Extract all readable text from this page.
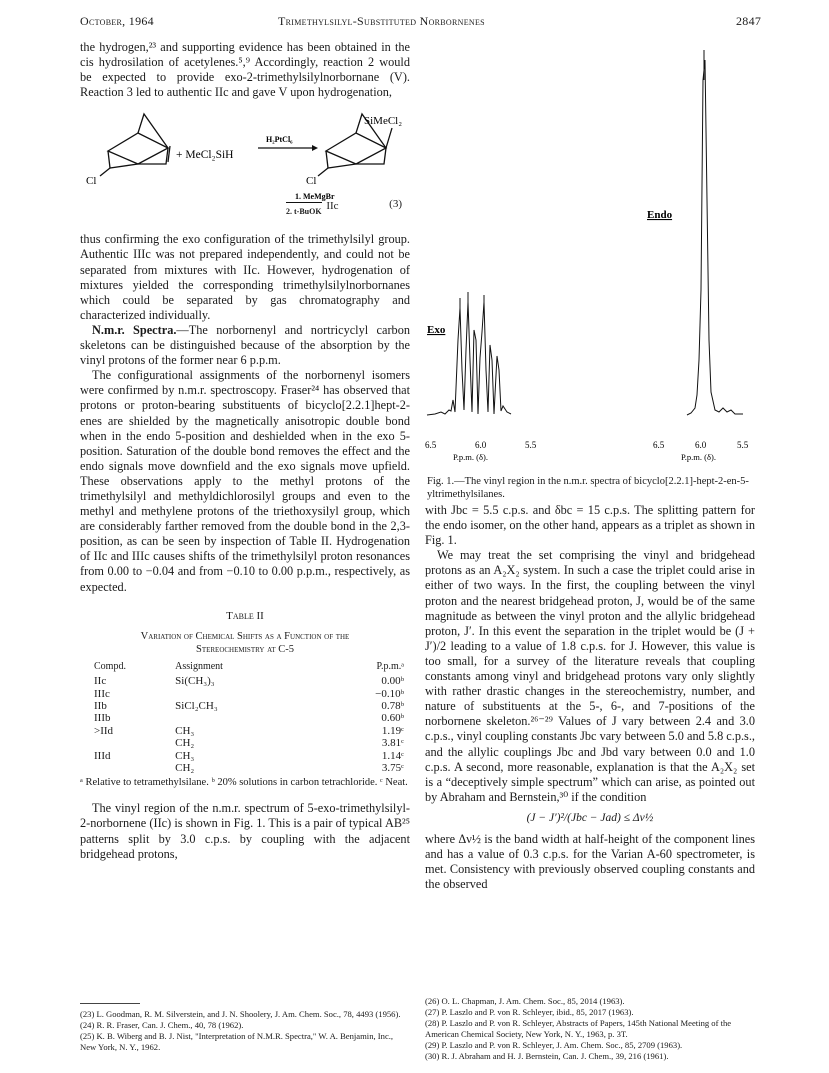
October, 1964	Trimethylsilyl-Substituted Norbornenes	2847

the hydrogen,²³ and supporting evidence has been obtained in the cis hydrosilation of acetylenes.⁵,⁹ Accordingly, reaction 2 would be expected to provide exo-2-trimethylsilylnorbornane (V). Reaction 3 led to authentic IIc and gave V upon hydrogenation,

Cl
+ MeCl₂SiH
H₂PtCl₆
SiMeCl₂
Cl
1. MeMgBr
2. t-BuOK IIc	(3)

thus confirming the exo configuration of the trimethylsilyl group. Authentic IIIc was not prepared independently, and could not be separated from mixtures with IIc. However, hydrogenation of mixtures yielded the corresponding trimethylsilylnorbornanes which could be separated by gas chromatography and characterized individually.

N.m.r. Spectra.—The norbornenyl and nortricyclyl carbon skeletons can be distinguished because of the absorption by the vinyl protons of the former near 6 p.p.m.

The configurational assignments of the norbornenyl isomers were confirmed by n.m.r. spectroscopy. Fraser²⁴ has observed that protons or proton-bearing substituents of bicyclo[2.2.1]hept-2-enes are shielded by the magnetically anisotropic double bond when in the endo 5-position and deshielded when in the exo 5-position. Saturation of the double bond removes the effect and the endo signals move downfield and the exo signals move upfield. These observations apply to the methyl protons of the trimethylsilyl and methyldichlorosilyl groups and even to the methyl and methylene protons of the triethoxysilyl group, which are considerably farther removed from the double bond in the 2,3-position, as can be seen by inspection of Table II. Hydrogenation of IIc and IIIc causes shifts of the trimethylsilyl proton resonances from 0.00 to −0.04 and from −0.10 to 0.00 p.p.m., respectively, as expected.

Table II
Variation of Chemical Shifts as a Function of the
Stereochemistry at C-5
Compd.	Assignment	P.p.m.ᵃ
IIc	Si(CH₃)₃	0.00ᵇ
IIIc		−0.10ᵇ
IIb	SiCl₂CH₃	0.78ᵇ
IIIb		0.60ᵇ
>IId	CH₃	1.19ᶜ
	CH₂	3.81ᶜ
IIId	CH₃	1.14ᶜ
	CH₂	3.75ᶜ
ᵃ Relative to tetramethylsilane. ᵇ 20% solutions in carbon tetrachloride. ᶜ Neat.

The vinyl region of the n.m.r. spectrum of 5-exo-trimethylsilyl-2-norbornene (IIc) is shown in Fig. 1. This is a pair of typical AB²⁵ patterns split by 3.0 c.p.s. by coupling with the adjacent bridgehead protons,

Exo
Endo
6.5	6.0	5.5
P.p.m. (δ).
6.5	6.0	5.5
P.p.m. (δ).
Fig. 1.—The vinyl region in the n.m.r. spectra of bicyclo[2.2.1]-hept-2-en-5-yltrimethylsilanes.

with Jbc = 5.5 c.p.s. and δbc = 15 c.p.s. The splitting pattern for the endo isomer, on the other hand, appears as a triplet as shown in Fig. 1.

We may treat the set comprising the vinyl and bridgehead protons as an A₂X₂ system. In such a case the triplet could arise in either of two ways. In the first, the coupling between the vinyl proton and the nearest bridgehead proton, J, would be of the same magnitude as between the vinyl proton and the allylic bridgehead proton, J′. In this event the separation in the triplet would be (J + J′)/2 leading to a value of 1.8 c.p.s. for J. However, this value is too small, for a survey of the literature reveals that coupling constants among vinyl and bridgehead protons vary only slightly with rather drastic changes in the stereochemistry, number, and nature of substituents at the 5-, 6-, and 7-positions of the norbornene skeleton.²⁶⁻²⁹ Values of J vary between 2.4 and 3.0 c.p.s., vinyl coupling constants Jbc vary between 5.0 and 5.8 c.p.s., and the allylic couplings Jbc and Jbd vary between 0.0 and 1.0 c.p.s. A second, more reasonable, explanation is that the A₂X₂ set is a “deceptively simple spectrum” which can arise, as pointed out by Abraham and Bernstein,³⁰ if the condition

(J − J′)²/(Jbc − Jad) ≤ Δν½

where Δν½ is the band width at half-height of the component lines and has a value of 0.3 c.p.s. for the Varian A-60 spectrometer, is met. Consistency with previously observed coupling constants and the observed

(23) L. Goodman, R. M. Silverstein, and J. N. Shoolery, J. Am. Chem. Soc., 78, 4493 (1956).
(24) R. R. Fraser, Can. J. Chem., 40, 78 (1962).
(25) K. B. Wiberg and B. J. Nist, "Interpretation of N.M.R. Spectra," W. A. Benjamin, Inc., New York, N. Y., 1962.
(26) O. L. Chapman, J. Am. Chem. Soc., 85, 2014 (1963).
(27) P. Laszlo and P. von R. Schleyer, ibid., 85, 2017 (1963).
(28) P. Laszlo and P. von R. Schleyer, Abstracts of Papers, 145th National Meeting of the American Chemical Society, New York, N. Y., 1963, p. 3T.
(29) P. Laszlo and P. von R. Schleyer, J. Am. Chem. Soc., 85, 2709 (1963).
(30) R. J. Abraham and H. J. Bernstein, Can. J. Chem., 39, 216 (1961).
